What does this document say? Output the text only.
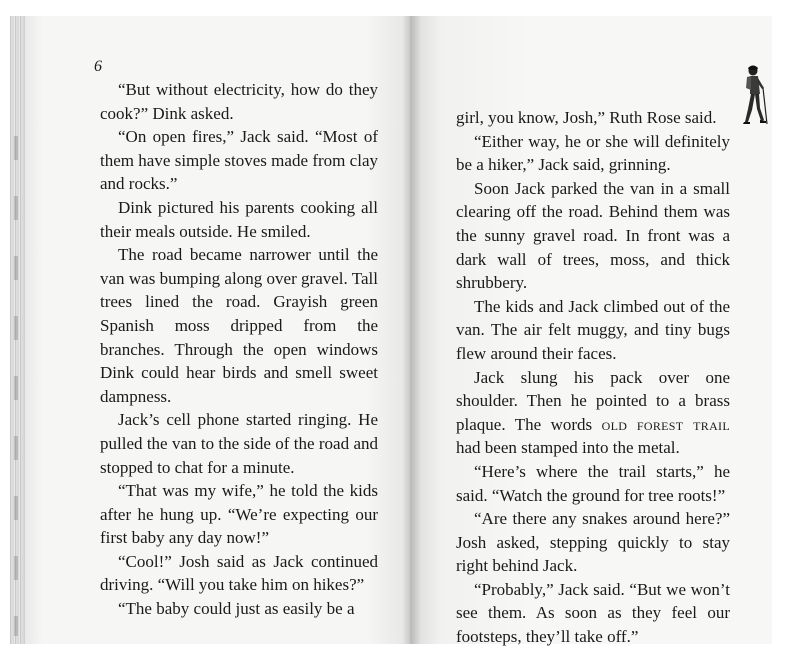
6

“But without electricity, how do they cook?” Dink asked.

“On open fires,” Jack said. “Most of them have simple stoves made from clay and rocks.”

Dink pictured his parents cooking all their meals outside. He smiled.

The road became narrower until the van was bumping along over gravel. Tall trees lined the road. Grayish green Spanish moss dripped from the branches. Through the open windows Dink could hear birds and smell sweet dampness.

Jack’s cell phone started ringing. He pulled the van to the side of the road and stopped to chat for a minute.

“That was my wife,” he told the kids after he hung up. “We’re expecting our first baby any day now!”

“Cool!” Josh said as Jack continued driving. “Will you take him on hikes?”

“The baby could just as easily be a

girl, you know, Josh,” Ruth Rose said.

“Either way, he or she will definitely be a hiker,” Jack said, grinning.

Soon Jack parked the van in a small clearing off the road. Behind them was the sunny gravel road. In front was a dark wall of trees, moss, and thick shrubbery.

The kids and Jack climbed out of the van. The air felt muggy, and tiny bugs flew around their faces.

Jack slung his pack over one shoulder. Then he pointed to a brass plaque. The words old forest trail had been stamped into the metal.

“Here’s where the trail starts,” he said. “Watch the ground for tree roots!”

“Are there any snakes around here?” Josh asked, stepping quickly to stay right behind Jack.

“Probably,” Jack said. “But we won’t see them. As soon as they feel our footsteps, they’ll take off.”
